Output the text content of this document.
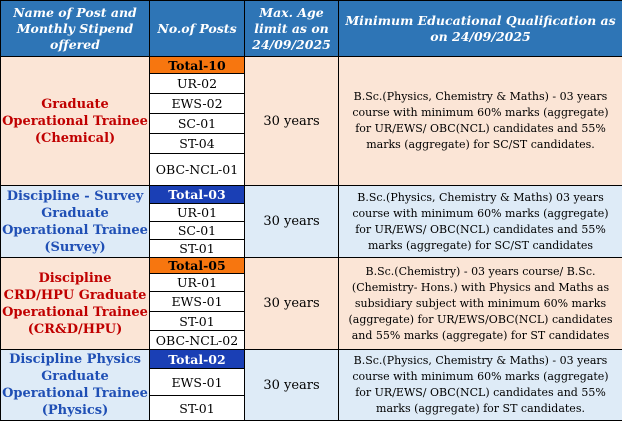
Name of Post and Monthly Stipend offered	No.of Posts	Max. Age limit as on 24/09/2025	Minimum Educational Qualification as on 24/09/2025
Graduate Operational Trainee (Chemical)	Total-10	30 years	B.Sc.(Physics, Chemistry & Maths) - 03 years course with minimum 60% marks (aggregate) for UR/EWS/ OBC(NCL) candidates and 55% marks (aggregate) for SC/ST candidates.
	UR-02		
	EWS-02		
	SC-01		
	ST-04		
	OBC-NCL-01		
Discipline - Survey Graduate Operational Trainee (Survey)	Total-03	30 years	B.Sc.(Physics, Chemistry & Maths) 03 years course with minimum 60% marks (aggregate) for UR/EWS/ OBC(NCL) candidates and 55% marks (aggregate) for SC/ST candidates
	UR-01		
	SC-01		
	ST-01		
Discipline CRD/HPU Graduate Operational Trainee (CR&D/HPU)	Total-05	30 years	B.Sc.(Chemistry) - 03 years course/ B.Sc.(Chemistry- Hons.) with Physics and Maths as subsidiary subject with minimum 60% marks (aggregate) for UR/EWS/OBC(NCL) candidates and 55% marks (aggregate) for ST candidates
	UR-01		
	EWS-01		
	ST-01		
	OBC-NCL-02		
Discipline Physics Graduate Operational Trainee (Physics)	Total-02	30 years	B.Sc.(Physics, Chemistry & Maths) - 03 years course with minimum 60% marks (aggregate) for UR/EWS/ OBC(NCL) candidates and 55% marks (aggregate) for ST candidates.
	EWS-01		
	ST-01		
